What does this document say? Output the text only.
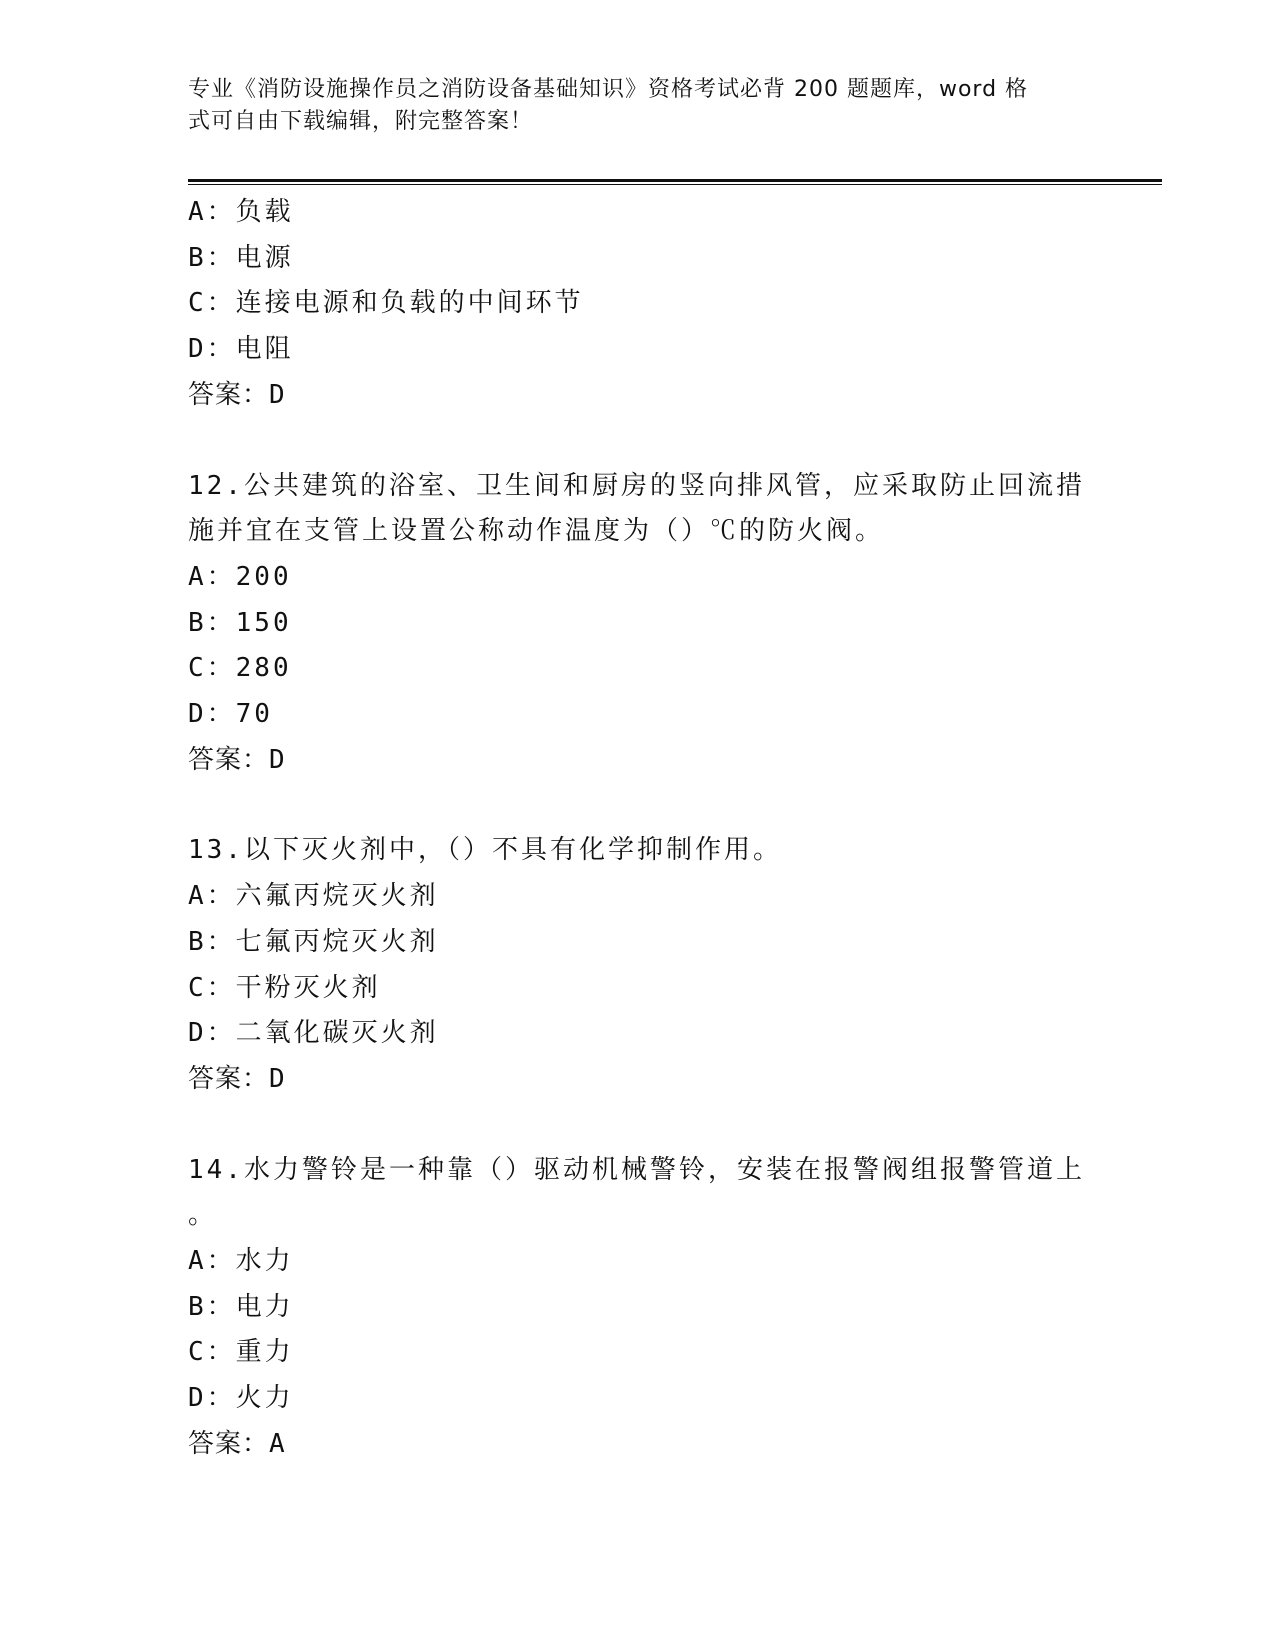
专业《消防设施操作员之消防设备基础知识》资格考试必背 200 题题库，word 格
式可自由下载编辑，附完整答案！
A：负载
B：电源
C：连接电源和负载的中间环节
D：电阻
答案：D
12.公共建筑的浴室、卫生间和厨房的竖向排风管，应采取防止回流措
施并宜在支管上设置公称动作温度为（）℃的防火阀。
A：200
B：150
C：280
D：70
答案：D
13.以下灭火剂中，（）不具有化学抑制作用。
A：六氟丙烷灭火剂
B：七氟丙烷灭火剂
C：干粉灭火剂
D：二氧化碳灭火剂
答案：D
14.水力警铃是一种靠（）驱动机械警铃，安装在报警阀组报警管道上
。
A：水力
B：电力
C：重力
D：火力
答案：A
